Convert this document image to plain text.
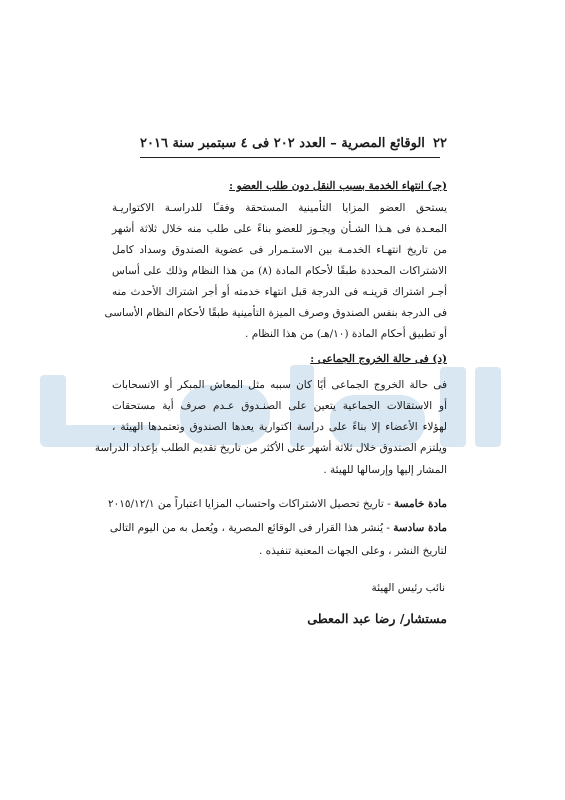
٢٢
الوقائع المصرية – العدد ٢٠٢ فى ٤ سبتمبر سنة ٢٠١٦
(جـ) انتهاء الخدمة بسبب النقل دون طلب العضو :
يستحق العضو المزايا التأمينية المستحقة وفقـًا للدراسـة الاكتواريـة
المعـدة فى هـذا الشـأن ويجـوز للعضو بناءً على طلب منه خلال ثلاثة أشهر
من تاريخ انتهـاء الخدمـة بين الاستـمرار فى عضوية الصندوق وسداد كامل
الاشتراكات المحددة طبقًا لأحكام المادة (٨) من هذا النظام وذلك على أساس
أجـر اشتراك قرينـه فى الدرجة قبل انتهاء خدمته أو أجر اشتراك الأحدث منه
فى الدرجة بنفس الصندوق وصرف الميزة التأمينية طبقًا لأحكام النظام الأساسى
أو تطبيق أحكام المادة (١٠/هـ) من هذا النظام .
(د) فى حالة الخروج الجماعى :
فى حالة الخروج الجماعى أيًا كان سببه مثل المعاش المبكر أو الانسحابات
أو الاستقالات الجماعية يتعين على الصنـدوق عـدم صرف أية مستحقات
لهؤلاء الأعضاء إلا بناءً على دراسة اكتوارية يعدها الصندوق وتعتمدها الهيئة ،
ويلتزم الصندوق خلال ثلاثة أشهر على الأكثر من تاريخ تقديم الطلب بإعداد الدراسة
المشار إليها وإرسالها للهيئة .
مادة خامسة - تاريخ تحصيل الاشتراكات واحتساب المزايا اعتباراً من ٢٠١٥/١٢/١
مادة سادسة - يُنشر هذا القرار فى الوقائع المصرية ، ويُعمل به من اليوم التالى
لتاريخ النشر ، وعلى الجهات المعنية تنفيذه .
نائب رئيس الهيئة
مستشار/ رضا عبد المعطى
